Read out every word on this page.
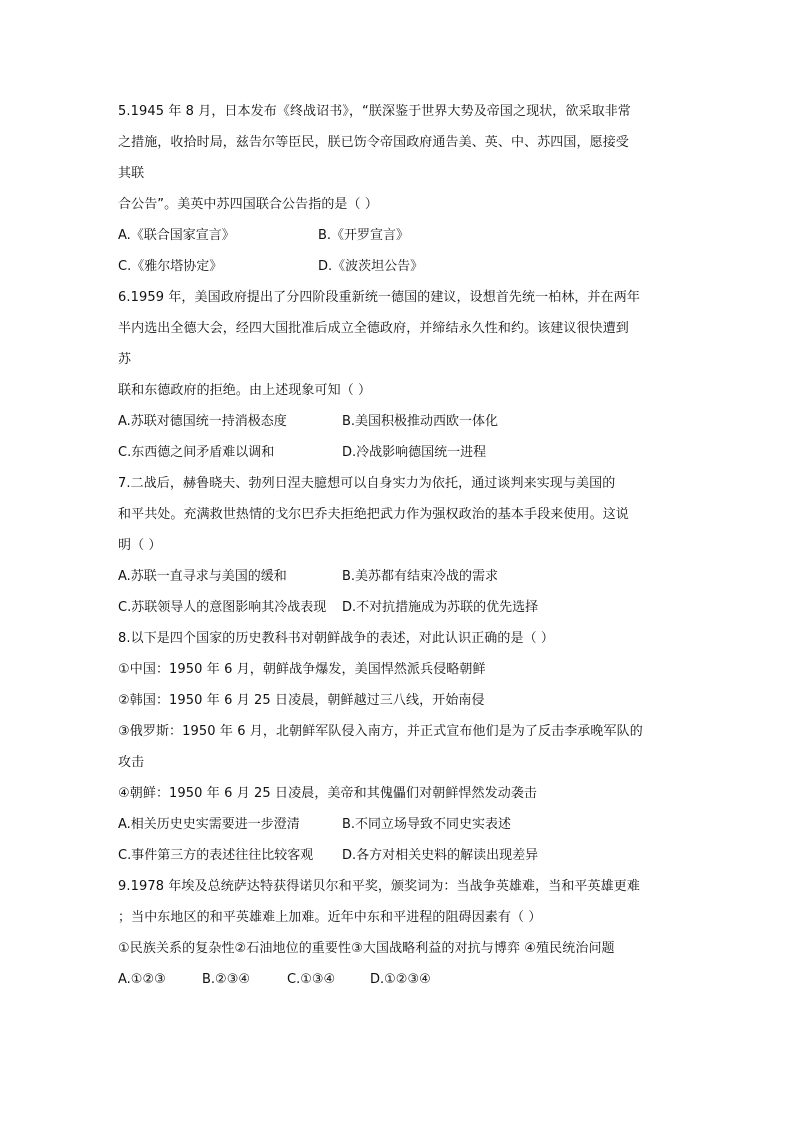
5.1945 年 8 月，日本发布《终战诏书》，“朕深鉴于世界大势及帝国之现状，欲采取非常
之措施，收拾时局，兹告尔等臣民，朕已饬令帝国政府通告美、英、中、苏四国，愿接受
其联
合公告”。美英中苏四国联合公告指的是（ ）
A.《联合国家宣言》	B.《开罗宣言》
C.《雅尔塔协定》	D.《波茨坦公告》
6.1959 年，美国政府提出了分四阶段重新统一德国的建议，设想首先统一柏林，并在两年
半内选出全德大会，经四大国批准后成立全德政府，并缔结永久性和约。该建议很快遭到
苏
联和东德政府的拒绝。由上述现象可知（ ）
A.苏联对德国统一持消极态度	B.美国积极推动西欧一体化
C.东西德之间矛盾难以调和	D.冷战影响德国统一进程
7.二战后，赫鲁晓夫、勃列日涅夫臆想可以自身实力为依托，通过谈判来实现与美国的
和平共处。充满救世热情的戈尔巴乔夫拒绝把武力作为强权政治的基本手段来使用。这说
明（ ）
A.苏联一直寻求与美国的缓和	B.美苏都有结束冷战的需求
C.苏联领导人的意图影响其冷战表现 D.不对抗措施成为苏联的优先选择
8.以下是四个国家的历史教科书对朝鲜战争的表述，对此认识正确的是（ ）
①中国：1950 年 6 月，朝鲜战争爆发，美国悍然派兵侵略朝鲜
②韩国：1950 年 6 月 25 日凌晨，朝鲜越过三八线，开始南侵
③俄罗斯：1950 年 6 月，北朝鲜军队侵入南方，并正式宣布他们是为了反击李承晚军队的
攻击
④朝鲜：1950 年 6 月 25 日凌晨，美帝和其傀儡们对朝鲜悍然发动袭击
A.相关历史史实需要进一步澄清	B.不同立场导致不同史实表述
C.事件第三方的表述往往比较客观 D.各方对相关史料的解读出现差异
9.1978 年埃及总统萨达特获得诺贝尔和平奖，颁奖词为：当战争英雄难，当和平英雄更难
；当中东地区的和平英雄难上加难。近年中东和平进程的阻碍因素有（ ）
①民族关系的复杂性②石油地位的重要性③大国战略利益的对抗与博弈 ④殖民统治问题
A.①②③	B.②③④	C.①③④	D.①②③④
